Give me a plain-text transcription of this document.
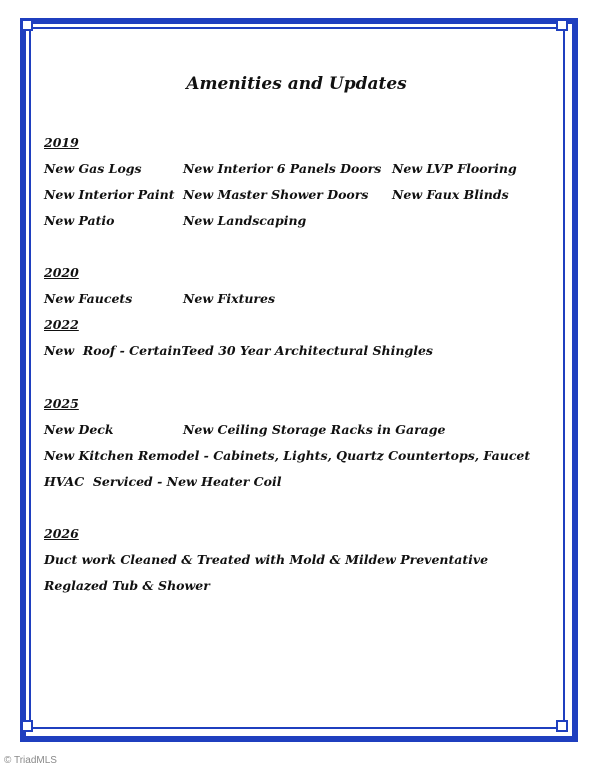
Amenities and Updates
2019
New Gas Logs	New Interior 6 Panels Doors New LVP Flooring
New Interior Paint New Master Shower Doors New Faux Blinds
New Patio	New Landscaping
2020
New Faucets	New Fixtures
2022
New  Roof - CertainTeed 30 Year Architectural Shingles
2025
New Deck	New Ceiling Storage Racks in Garage
New Kitchen Remodel - Cabinets, Lights, Quartz Countertops, Faucet
HVAC  Serviced - New Heater Coil
2026
Duct work Cleaned & Treated with Mold & Mildew Preventative
Reglazed Tub & Shower
© TriadMLS
